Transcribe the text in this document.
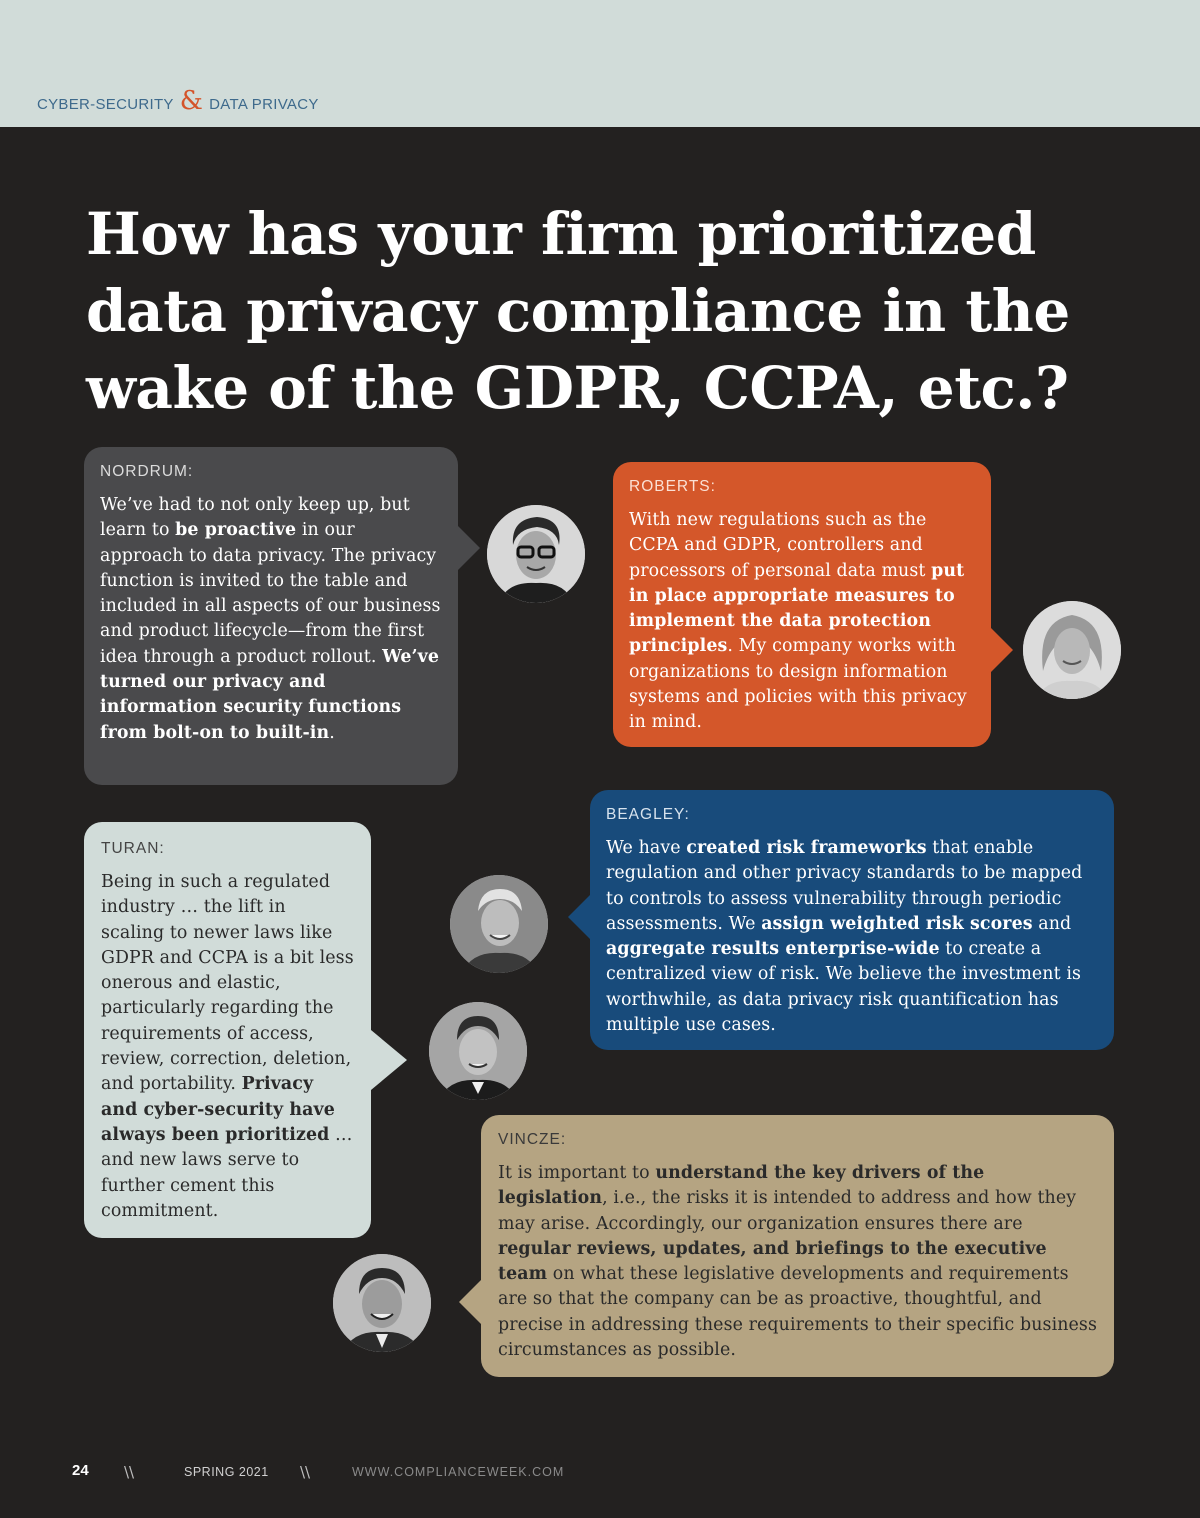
CYBER-SECURITY & DATA PRIVACY
How has your firm prioritized
data privacy compliance in the
wake of the GDPR, CCPA, etc.?
NORDRUM:
We’ve had to not only keep up, but learn to be proactive in our approach to data privacy. The privacy function is invited to the table and included in all aspects of our business and product lifecycle—from the first idea through a product rollout. We’ve turned our privacy and information security functions from bolt-on to built-in.
ROBERTS:
With new regulations such as the CCPA and GDPR, controllers and processors of personal data must put in place appropriate measures to implement the data protection principles. My company works with organizations to design information systems and policies with this privacy in mind.
BEAGLEY:
We have created risk frameworks that enable regulation and other privacy standards to be mapped to controls to assess vulnerability through periodic assessments. We assign weighted risk scores and aggregate results enterprise-wide to create a centralized view of risk. We believe the investment is worthwhile, as data privacy risk quantification has multiple use cases.
TURAN:
Being in such a regulated industry … the lift in scaling to newer laws like GDPR and CCPA is a bit less onerous and elastic, particularly regarding the requirements of access, review, correction, deletion, and portability. Privacy and cyber-security have always been prioritized … and new laws serve to further cement this commitment.
VINCZE:
It is important to understand the key drivers of the legislation, i.e., the risks it is intended to address and how they may arise. Accordingly, our organization ensures there are regular reviews, updates, and briefings to the executive team on what these legislative developments and requirements are so that the company can be as proactive, thoughtful, and precise in addressing these requirements to their specific business circumstances as possible.
24 \\	SPRING 2021 \\	WWW.COMPLIANCEWEEK.COM
